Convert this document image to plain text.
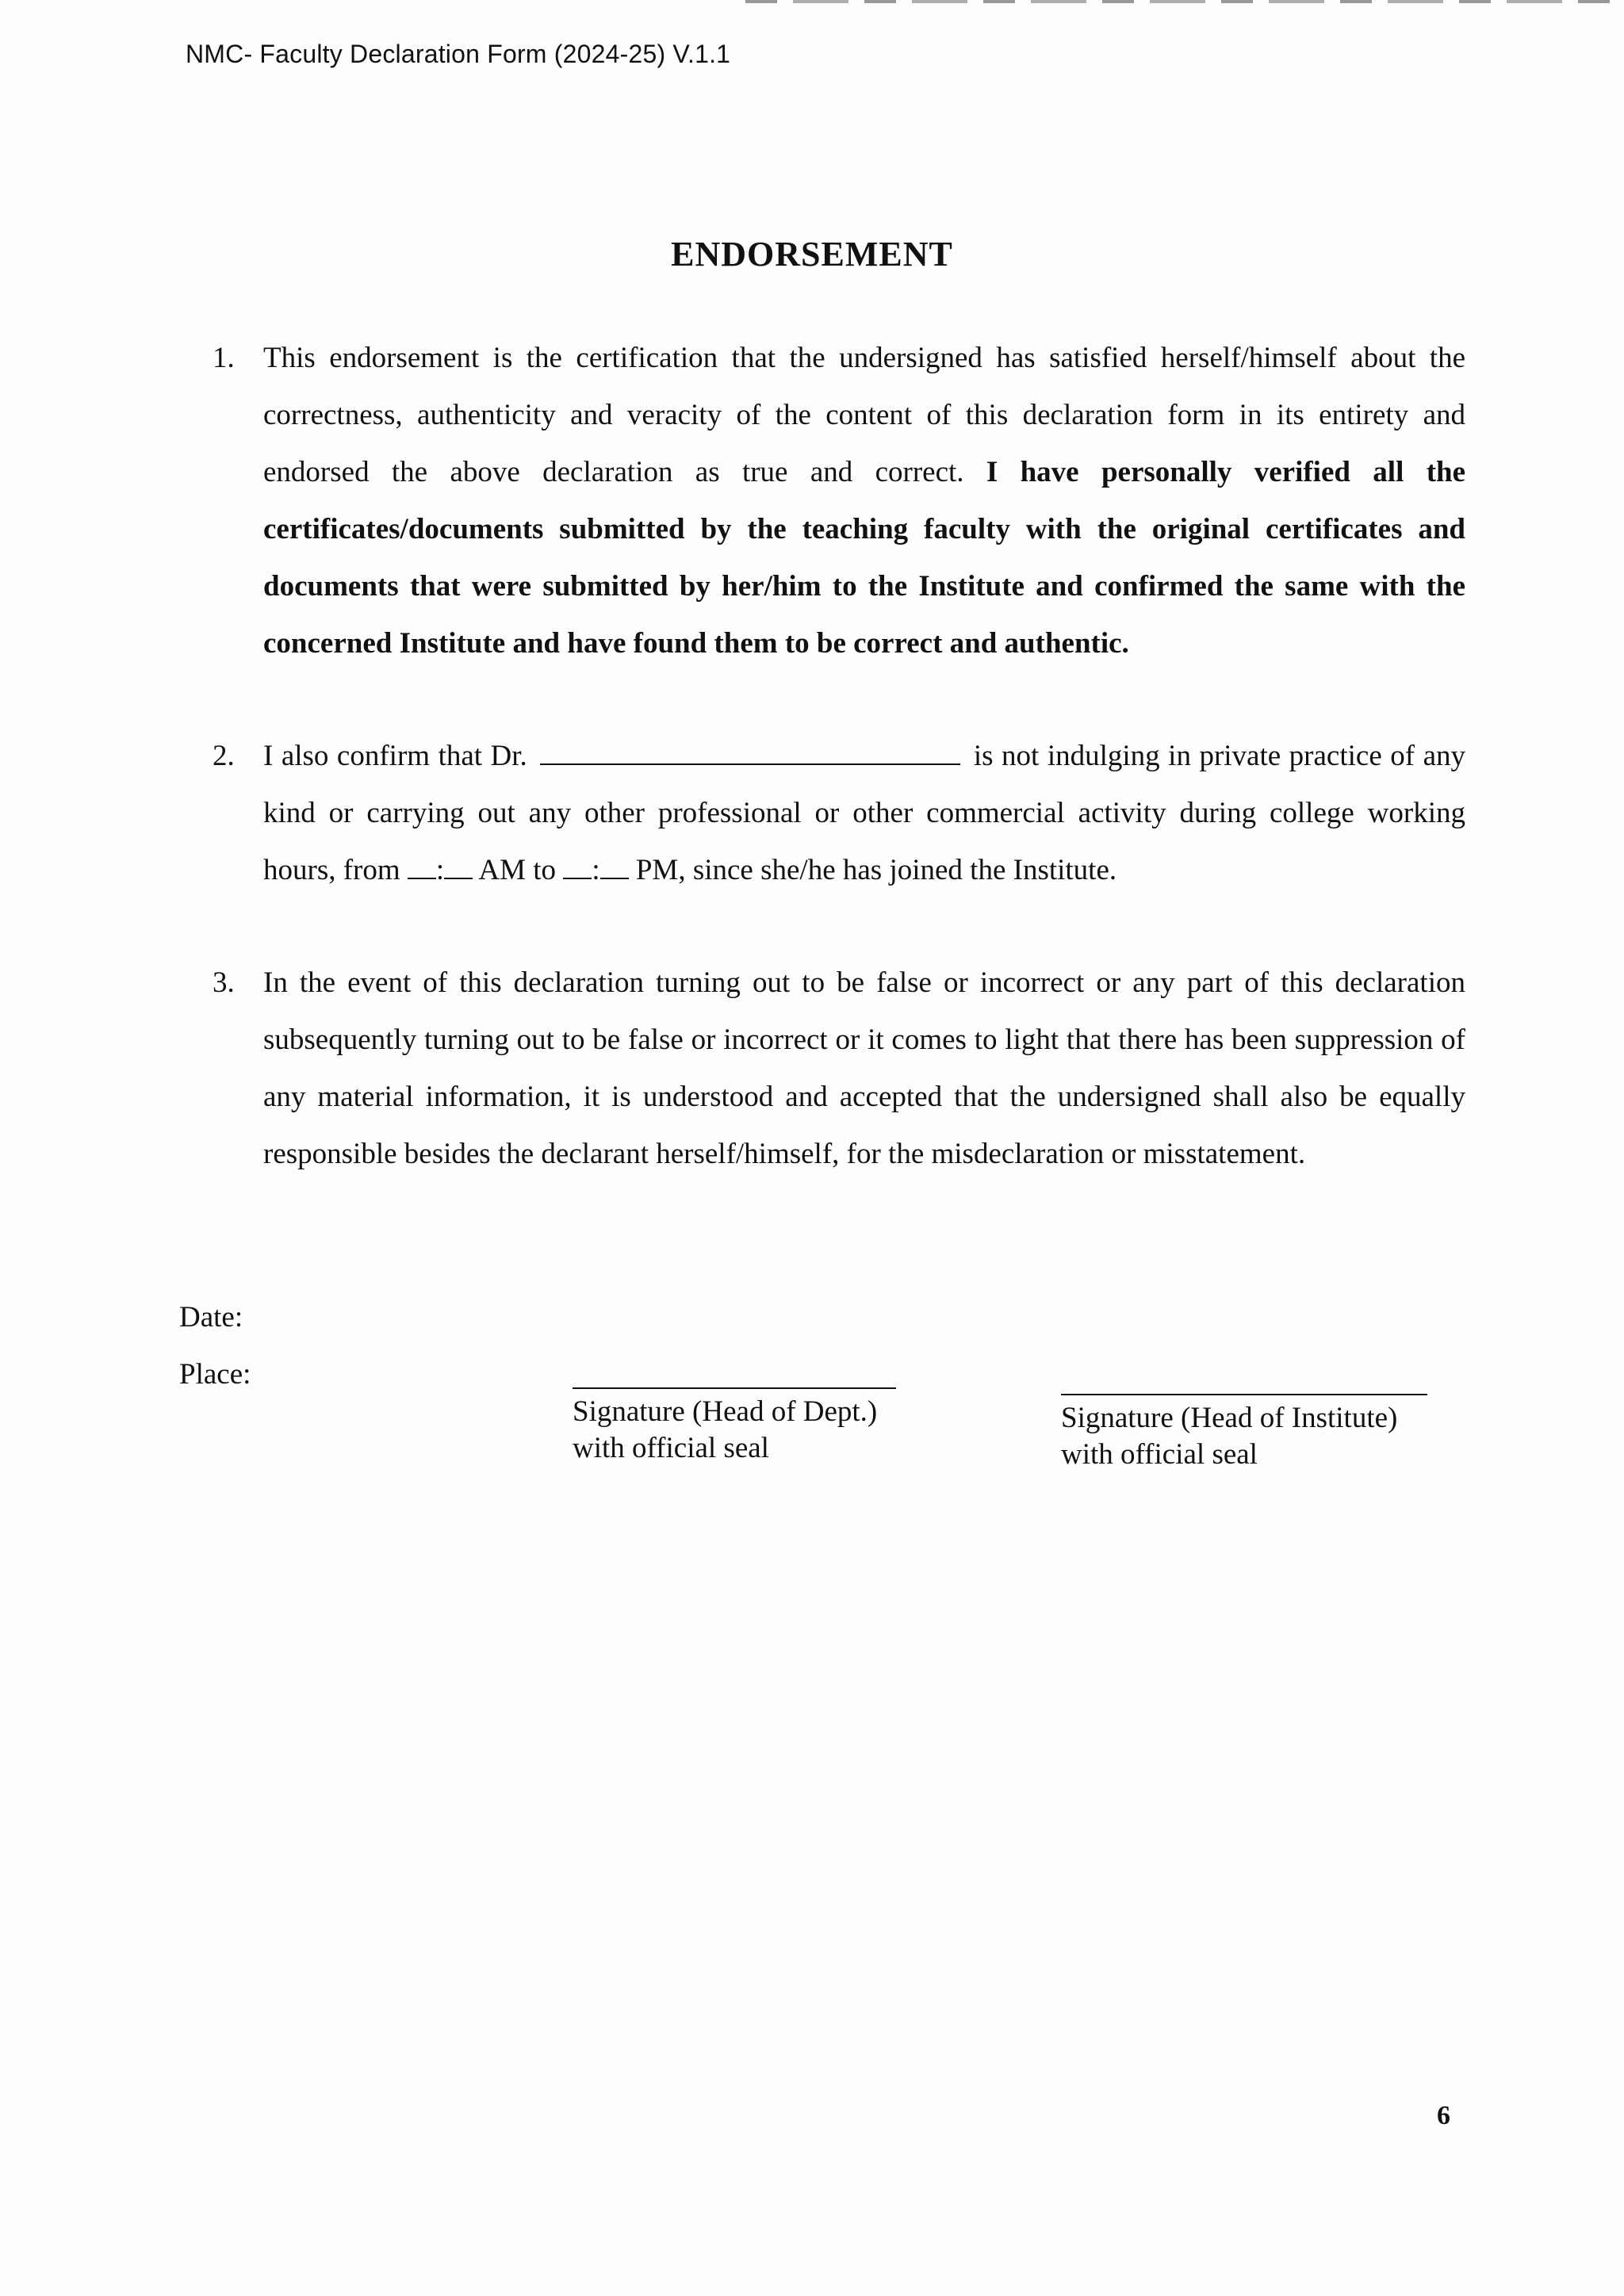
NMC- Faculty Declaration Form (2024-25) V.1.1
ENDORSEMENT
1. This endorsement is the certification that the undersigned has satisfied herself/himself about the correctness, authenticity and veracity of the content of this declaration form in its entirety and endorsed the above declaration as true and correct. I have personally verified all the certificates/documents submitted by the teaching faculty with the original certificates and documents that were submitted by her/him to the Institute and confirmed the same with the concerned Institute and have found them to be correct and authentic.
2. I also confirm that Dr.	is not indulging in private practice of any kind or carrying out any other professional or other commercial activity during college working hours, from : AM to : PM, since she/he has joined the Institute.
3. In the event of this declaration turning out to be false or incorrect or any part of this declaration subsequently turning out to be false or incorrect or it comes to light that there has been suppression of any material information, it is understood and accepted that the undersigned shall also be equally responsible besides the declarant herself/himself, for the misdeclaration or misstatement.
Date:
Place:
Signature (Head of Dept.)
with official seal
Signature (Head of Institute)
with official seal
6
